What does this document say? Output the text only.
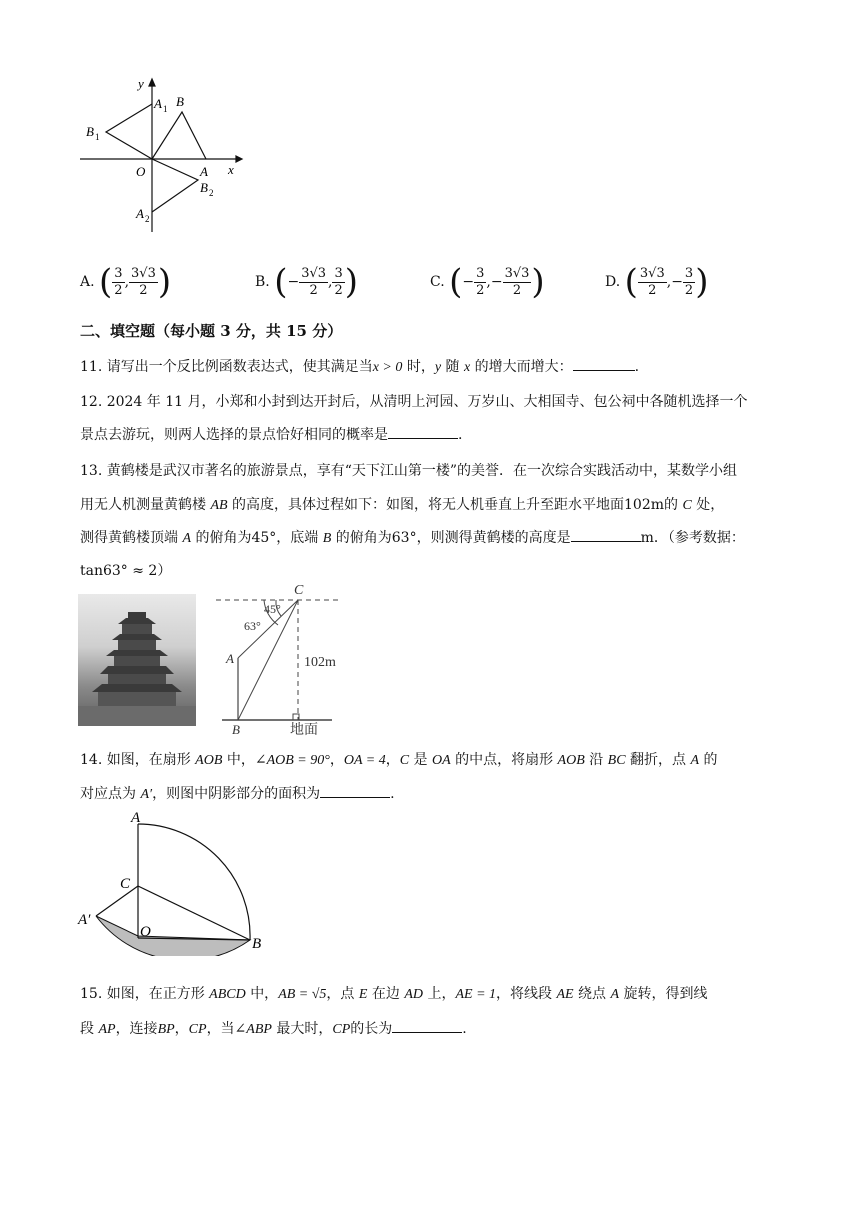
y
x
O	A
A 1 B
B 1
B 2
A 2
A. ( $\frac{3}{2}$ , $\frac{3√3}{2}$ )	B. (− $\frac{3√3}{2}$ , $\frac{3}{2}$ )	C. (− $\frac{3}{2}$ ,− $\frac{3√3}{2}$ )	D. ( $\frac{3√3}{2}$ ,− $\frac{3}{2}$ )
二、填空题（每小题 3 分，共 15 分）
11. 请写出一个反比例函数表达式，使其满足当x > 0 时，y 随 x 的增大而增大：	.
12. 2024 年 11 月，小郑和小封到达开封后，从清明上河园、万岁山、大相国寺、包公祠中各随机选择一个
景点去游玩，则两人选择的景点恰好相同的概率是	.
13. 黄鹤楼是武汉市著名的旅游景点，享有“天下江山第一楼”的美誉．在一次综合实践活动中，某数学小组
用无人机测量黄鹤楼 AB 的高度，具体过程如下：如图，将无人机垂直上升至距水平地面102m的 C 处，
测得黄鹤楼顶端 A 的俯角为45°，底端 B 的俯角为63°，则测得黄鹤楼的高度是	m．（参考数据：
tan63° ≈ 2）
C
A
B
45°
63°
102m
地面
14. 如图，在扇形 AOB 中，∠AOB = 90°，OA = 4，C 是 OA 的中点，将扇形 AOB 沿 BC 翻折，点 A 的
对应点为 A′，则图中阴影部分的面积为	.
A
C
A′
O
B
15. 如图，在正方形 ABCD 中，AB = √5，点 E 在边 AD 上，AE = 1，将线段 AE 绕点 A 旋转，得到线
段 AP，连接BP，CP，当∠ABP 最大时，CP的长为	.
